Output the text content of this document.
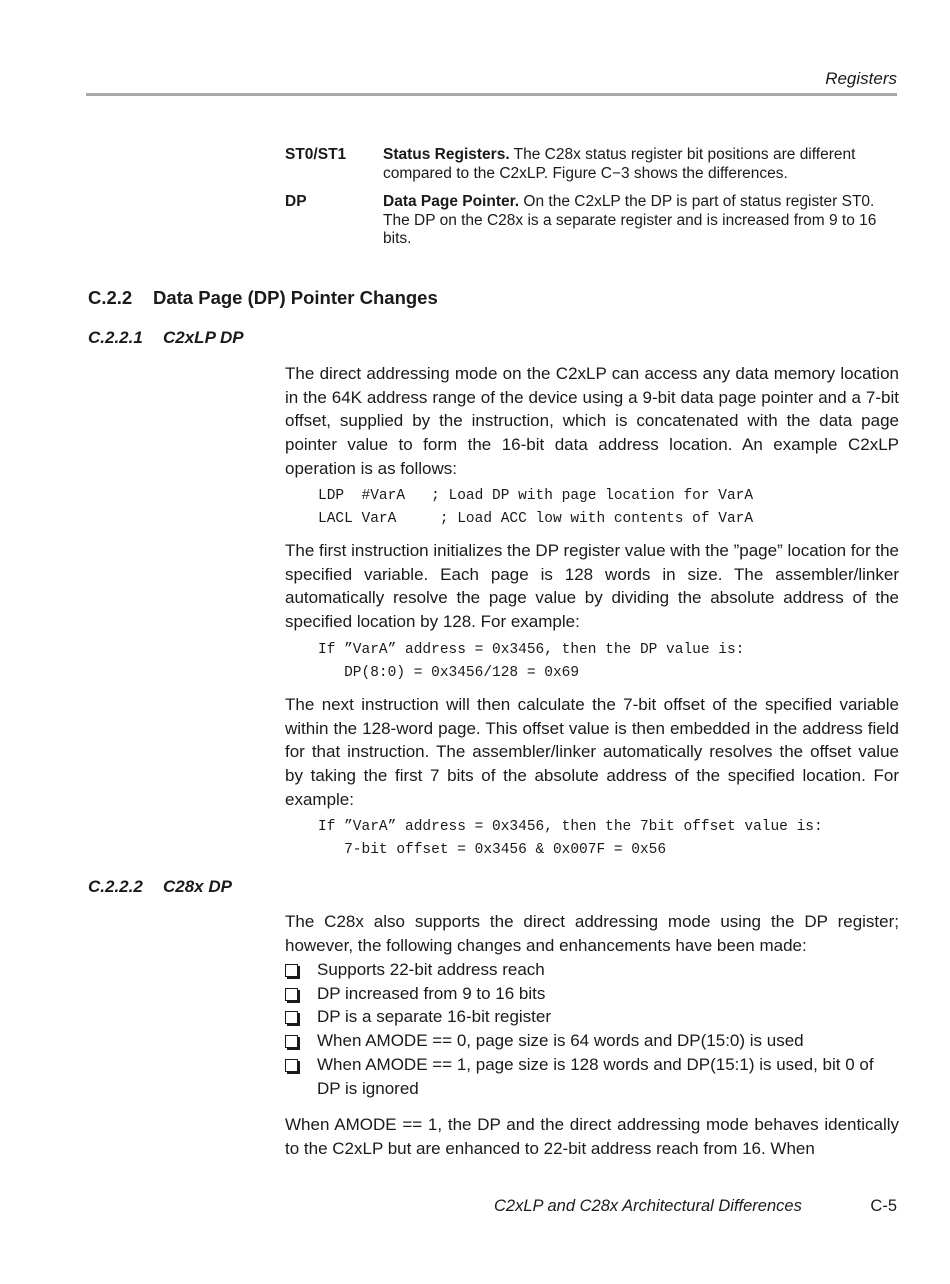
Registers
ST0/ST1 Status Registers. The C28x status register bit positions are different compared to the C2xLP. Figure C−3 shows the differences.
DP	Data Page Pointer. On the C2xLP the DP is part of status register ST0. The DP on the C28x is a separate register and is increased from 9 to 16 bits.
C.2.2 Data Page (DP) Pointer Changes
C.2.2.1 C2xLP DP
The direct addressing mode on the C2xLP can access any data memory location in the 64K address range of the device using a 9-bit data page pointer and a 7-bit offset, supplied by the instruction, which is concatenated with the data page pointer value to form the 16-bit data address location. An example C2xLP operation is as follows:
LDP  #VarA   ; Load DP with page location for VarA
LACL VarA     ; Load ACC low with contents of VarA
The first instruction initializes the DP register value with the ”page” location for the specified variable. Each page is 128 words in size. The assembler/linker automatically resolve the page value by dividing the absolute address of the specified location by 128. For example:
If ”VarA” address = 0x3456, then the DP value is:
DP(8:0) = 0x3456/128 = 0x69
The next instruction will then calculate the 7-bit offset of the specified variable within the 128-word page. This offset value is then embedded in the address field for that instruction. The assembler/linker automatically resolves the offset value by taking the first 7 bits of the absolute address of the specified location. For example:
If ”VarA” address = 0x3456, then the 7bit offset value is:
7-bit offset = 0x3456 & 0x007F = 0x56
C.2.2.2 C28x DP
The C28x also supports the direct addressing mode using the DP register; however, the following changes and enhancements have been made:
Supports 22-bit address reach
DP increased from 9 to 16 bits
DP is a separate 16-bit register
When AMODE == 0, page size is 64 words and DP(15:0) is used
When AMODE == 1, page size is 128 words and DP(15:1) is used, bit 0 of DP is ignored
When AMODE == 1, the DP and the direct addressing mode behaves identically to the C2xLP but are enhanced to 22-bit address reach from 16. When
C2xLP and C28x Architectural Differences	C-5
